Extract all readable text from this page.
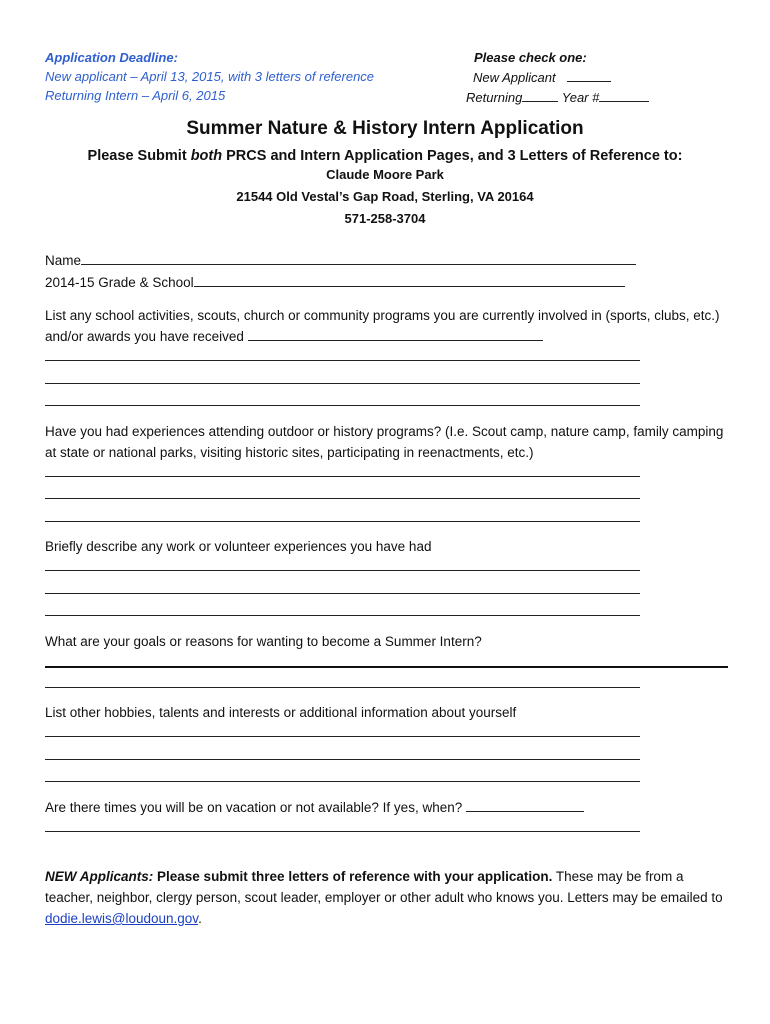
Application Deadline:
New applicant – April 13, 2015, with 3 letters of reference
Returning Intern – April 6, 2015
Please check one:
New Applicant
Returning	Year #
Summer Nature & History Intern Application
Please Submit both PRCS and Intern Application Pages, and 3 Letters of Reference to:
Claude Moore Park
21544 Old Vestal’s Gap Road, Sterling, VA 20164
571-258-3704
Name
2014-15 Grade & School
List any school activities, scouts, church or community programs you are currently involved in (sports, clubs, etc.) and/or awards you have received
Have you had experiences attending outdoor or history programs? (I.e. Scout camp, nature camp, family camping at state or national parks, visiting historic sites, participating in reenactments, etc.)
Briefly describe any work or volunteer experiences you have had
What are your goals or reasons for wanting to become a Summer Intern?
List other hobbies, talents and interests or additional information about yourself
Are there times you will be on vacation or not available? If yes, when?
NEW Applicants: Please submit three letters of reference with your application. These may be from a teacher, neighbor, clergy person, scout leader, employer or other adult who knows you. Letters may be emailed to dodie.lewis@loudoun.gov.
